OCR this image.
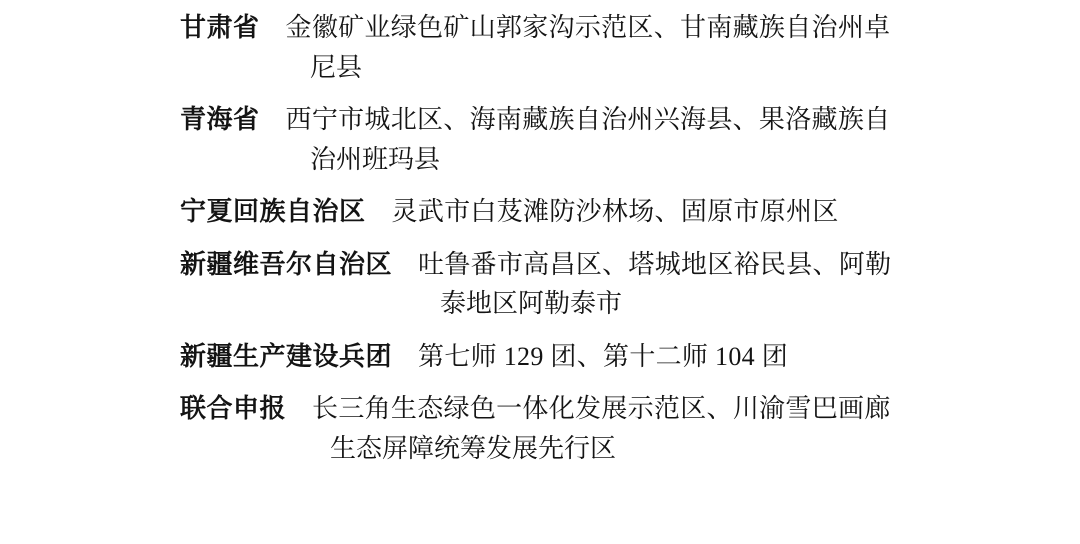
甘肃省 金徽矿业绿色矿山郭家沟示范区、甘南藏族自治州卓
尼县
青海省 西宁市城北区、海南藏族自治州兴海县、果洛藏族自
治州班玛县
宁夏回族自治区 灵武市白芨滩防沙林场、固原市原州区
新疆维吾尔自治区 吐鲁番市高昌区、塔城地区裕民县、阿勒
泰地区阿勒泰市
新疆生产建设兵团 第七师 129 团、第十二师 104 团
联合申报 长三角生态绿色一体化发展示范区、川渝雪巴画廊
生态屏障统筹发展先行区
